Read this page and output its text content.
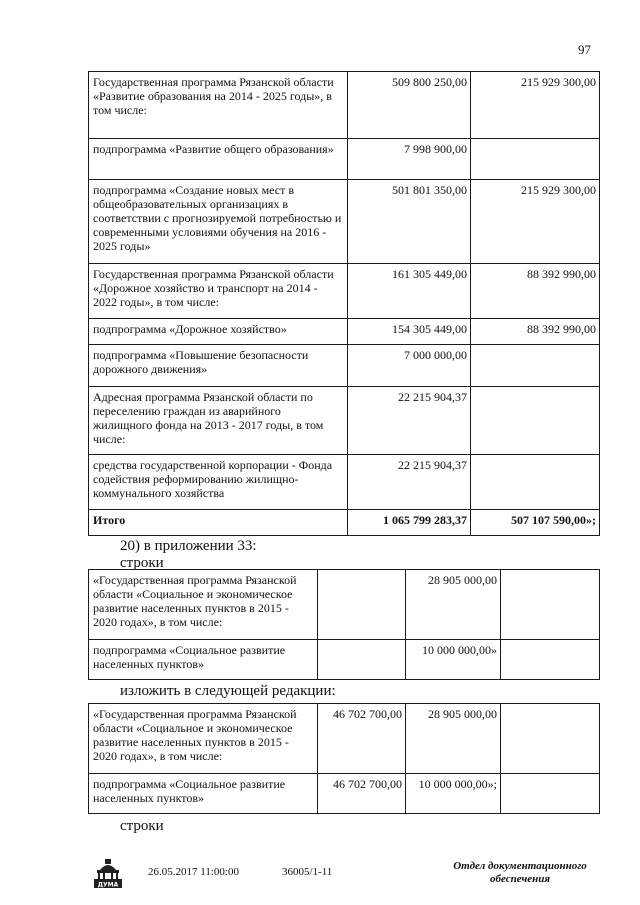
97
Государственная программа Рязанской области «Развитие образования на 2014 - 2025 годы», в том числе:	509 800 250,00	215 929 300,00
подпрограмма «Развитие общего образования»	7 998 900,00	
подпрограмма «Создание новых мест в общеобразовательных организациях в соответствии с прогнозируемой потребностью и современными условиями обучения на 2016 - 2025 годы»	501 801 350,00	215 929 300,00
Государственная программа Рязанской области «Дорожное хозяйство и транспорт на 2014 - 2022 годы», в том числе:	161 305 449,00	88 392 990,00
подпрограмма «Дорожное хозяйство»	154 305 449,00	88 392 990,00
подпрограмма «Повышение безопасности дорожного движения»	7 000 000,00	
Адресная программа Рязанской области по переселению граждан из аварийного жилищного фонда на 2013 - 2017 годы, в том числе:	22 215 904,37	
средства государственной корпорации - Фонда содействия реформированию жилищно-коммунального хозяйства	22 215 904,37	
Итого	1 065 799 283,37	507 107 590,00»;
20) в приложении 33:
строки
«Государственная программа Рязанской области «Социальное и экономическое развитие населенных пунктов в 2015 - 2020 годах», в том числе:		28 905 000,00	
подпрограмма «Социальное развитие населенных пунктов»		10 000 000,00»	
изложить в следующей редакции:
«Государственная программа Рязанской области «Социальное и экономическое развитие населенных пунктов в 2015 - 2020 годах», в том числе:	46 702 700,00	28 905 000,00	
подпрограмма «Социальное развитие населенных пунктов»	46 702 700,00	10 000 000,00»;	
строки
ДУМА
26.05.2017 11:00:00	36005/1-11	Отдел документационного обеспечения
